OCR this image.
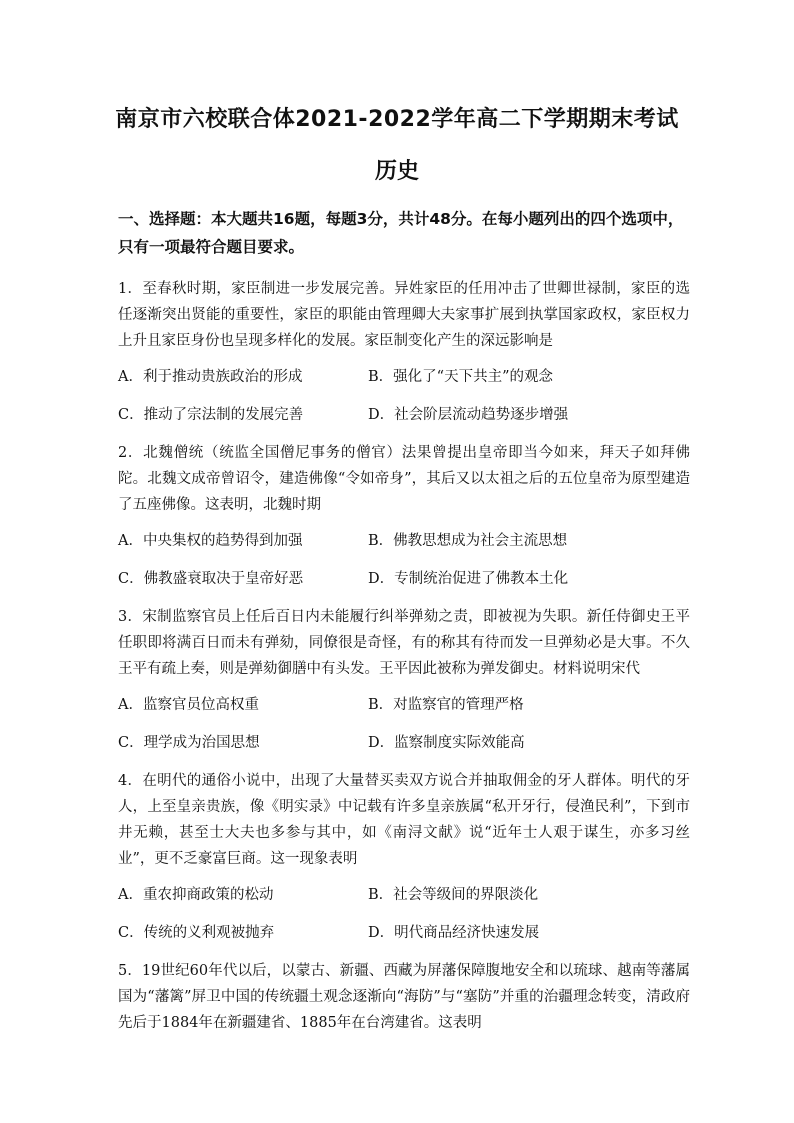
南京市六校联合体2021-2022学年高二下学期期末考试
历史
一、选择题：本大题共16题，每题3分，共计48分。在每小题列出的四个选项中，只有一项最符合题目要求。
1．至春秋时期，家臣制进一步发展完善。异姓家臣的任用冲击了世卿世禄制，家臣的选任逐渐突出贤能的重要性，家臣的职能由管理卿大夫家事扩展到执掌国家政权，家臣权力上升且家臣身份也呈现多样化的发展。家臣制变化产生的深远影响是
A．利于推动贵族政治的形成	B．强化了“天下共主”的观念
C．推动了宗法制的发展完善	D．社会阶层流动趋势逐步增强
2．北魏僧统（统监全国僧尼事务的僧官）法果曾提出皇帝即当今如来，拜天子如拜佛陀。北魏文成帝曾诏令，建造佛像“令如帝身”，其后又以太祖之后的五位皇帝为原型建造了五座佛像。这表明，北魏时期
A．中央集权的趋势得到加强	B．佛教思想成为社会主流思想
C．佛教盛衰取决于皇帝好恶	D．专制统治促进了佛教本土化
3．宋制监察官员上任后百日内未能履行纠举弹劾之责，即被视为失职。新任侍御史王平任职即将满百日而未有弹劾，同僚很是奇怪，有的称其有待而发一旦弹劾必是大事。不久王平有疏上奏，则是弹劾御膳中有头发。王平因此被称为弹发御史。材料说明宋代
A．监察官员位高权重	B．对监察官的管理严格
C．理学成为治国思想	D．监察制度实际效能高
4．在明代的通俗小说中，出现了大量替买卖双方说合并抽取佣金的牙人群体。明代的牙人，上至皇亲贵族，像《明实录》中记载有许多皇亲族属“私开牙行，侵渔民利”，下到市井无赖，甚至士大夫也多参与其中，如《南浔文献》说“近年士人艰于谋生，亦多习丝业”，更不乏豪富巨商。这一现象表明
A．重农抑商政策的松动	B．社会等级间的界限淡化
C．传统的义利观被抛弃	D．明代商品经济快速发展
5．19世纪60年代以后，以蒙古、新疆、西藏为屏藩保障腹地安全和以琉球、越南等藩属国为“藩篱”屏卫中国的传统疆土观念逐渐向“海防”与“塞防”并重的治疆理念转变，清政府先后于1884年在新疆建省、1885年在台湾建省。这表明
